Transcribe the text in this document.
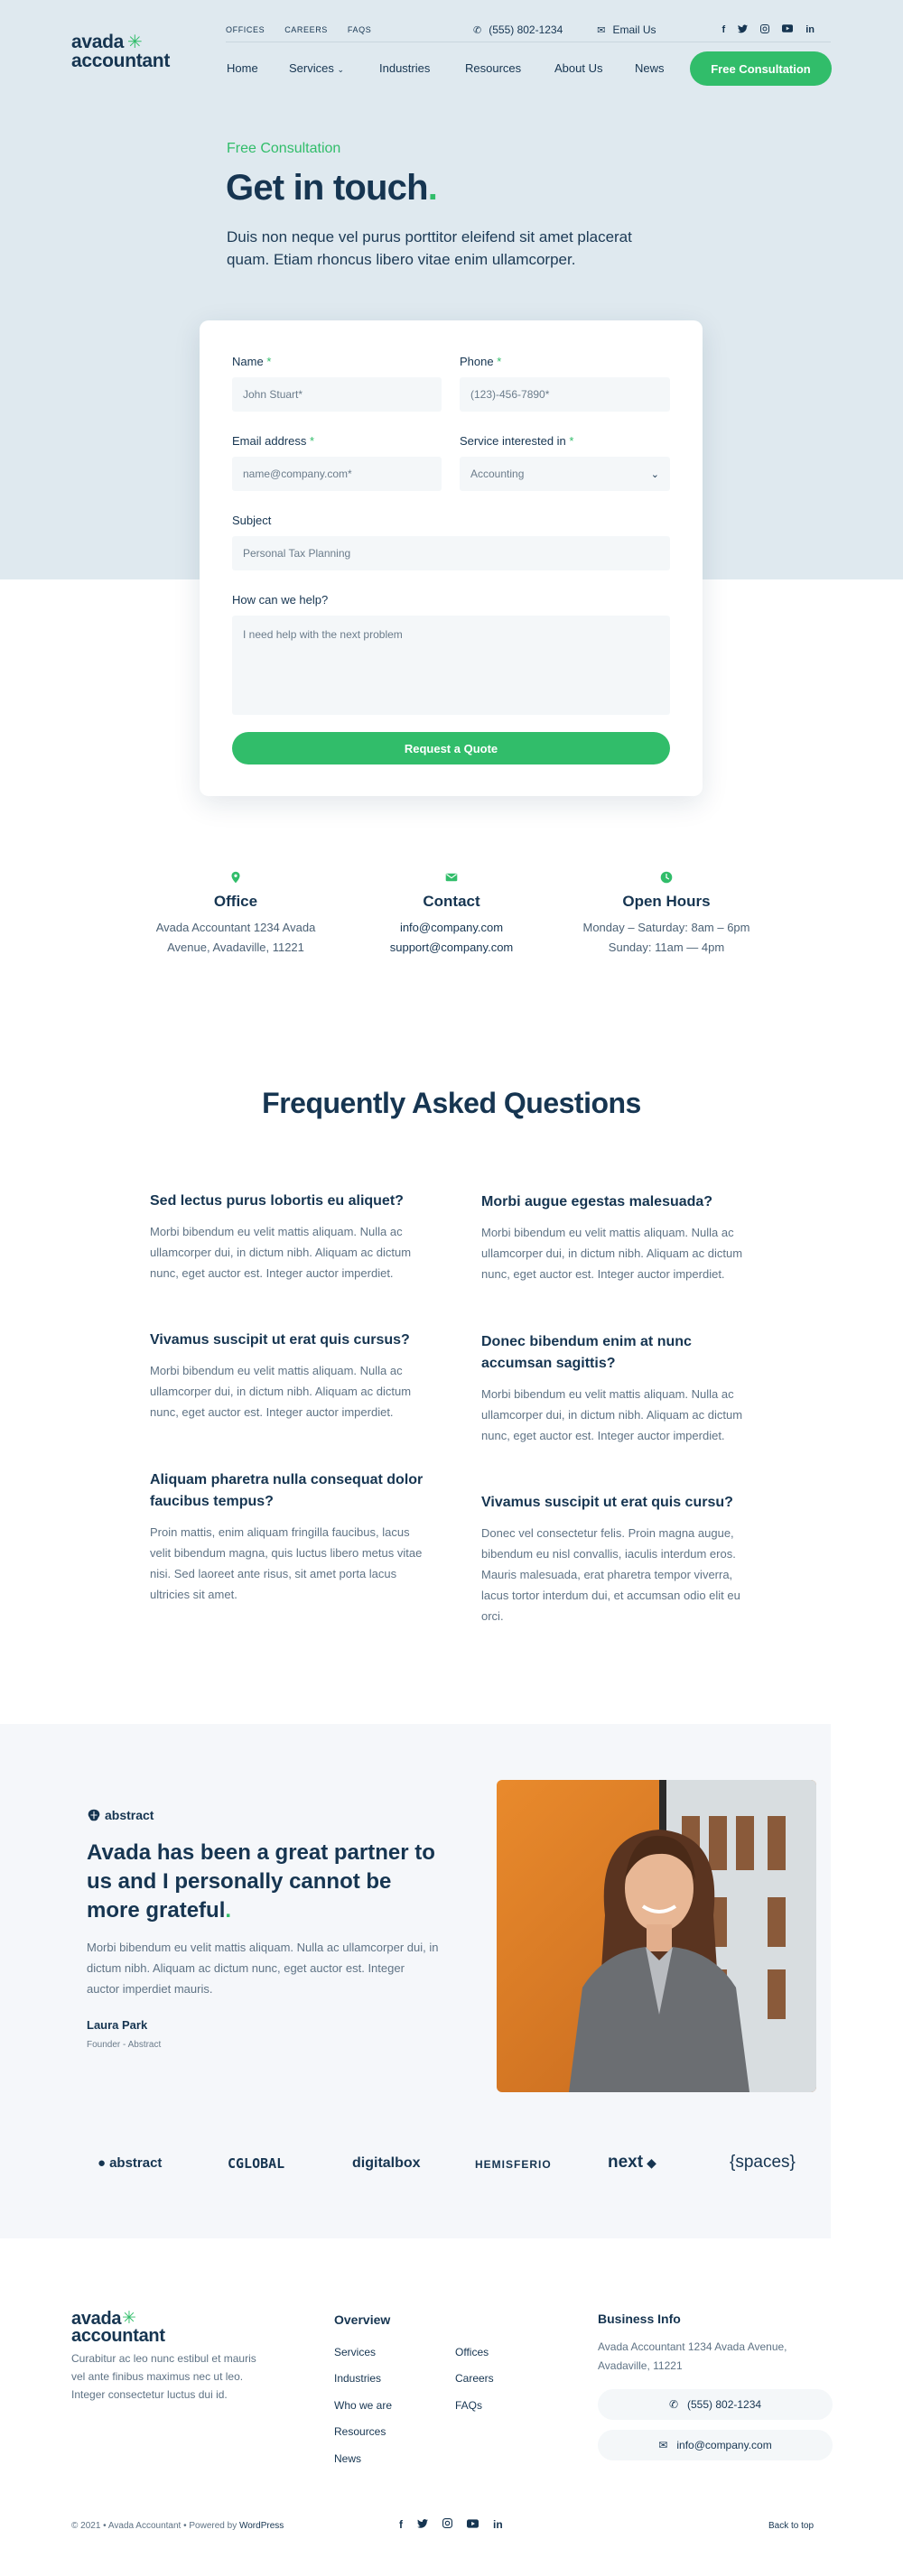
avada ✳
accountant
OFFICES CAREERS FAQS	✆ (555) 802-1234	✉ Email Us	f	in
Home	Services ⌄	Industries	Resources	About Us	News	Free Consultation
Free Consultation
Get in touch.

Duis non neque vel purus porttitor eleifend sit amet placerat quam. Etiam rhoncus libero vitae enim ullamcorper.

Name *
John Stuart*
Phone *
(123)-456-7890*
Email address *
name@company.com*
Service interested in *
Accounting	⌄
Subject
Personal Tax Planning
How can we help?
I need help with the next problem
Request a Quote
Office

Avada Accountant 1234 Avada
Avenue, Avadaville, 11221

Contact

info@company.com
support@company.com

Open Hours

Monday – Saturday: 8am – 6pm
Sunday: 11am — 4pm

Frequently Asked Questions
Sed lectus purus lobortis eu aliquet?

Morbi bibendum eu velit mattis aliquam. Nulla ac ullamcorper dui, in dictum nibh. Aliquam ac dictum nunc, eget auctor est. Integer auctor imperdiet.

Vivamus suscipit ut erat quis cursus?

Morbi bibendum eu velit mattis aliquam. Nulla ac ullamcorper dui, in dictum nibh. Aliquam ac dictum nunc, eget auctor est. Integer auctor imperdiet.

Aliquam pharetra nulla consequat dolor faucibus tempus?

Proin mattis, enim aliquam fringilla faucibus, lacus velit bibendum magna, quis luctus libero metus vitae nisi. Sed laoreet ante risus, sit amet porta lacus ultricies sit amet.

Morbi augue egestas malesuada?

Morbi bibendum eu velit mattis aliquam. Nulla ac ullamcorper dui, in dictum nibh. Aliquam ac dictum nunc, eget auctor est. Integer auctor imperdiet.

Donec bibendum enim at nunc accumsan sagittis?

Morbi bibendum eu velit mattis aliquam. Nulla ac ullamcorper dui, in dictum nibh. Aliquam ac dictum nunc, eget auctor est. Integer auctor imperdiet.

Vivamus suscipit ut erat quis cursu?

Donec vel consectetur felis. Proin magna augue, bibendum eu nisl convallis, iaculis interdum eros. Mauris malesuada, erat pharetra tempor viverra, lacus tortor interdum dui, et accumsan odio elit eu orci.

abstract

Avada has been a great partner to us and I personally cannot be more grateful.

Morbi bibendum eu velit mattis aliquam. Nulla ac ullamcorper dui, in dictum nibh. Aliquam ac dictum nunc, eget auctor est. Integer auctor imperdiet mauris.

Laura Park
Founder - Abstract
● abstract	CGLOBAL	digitalbox	HEMISFERIO	next ◆	{spaces}
avada ✳
accountant

Curabitur ac leo nunc estibul et mauris vel ante finibus maximus nec ut leo. Integer consectetur luctus dui id.

Overview
Services
Industries
Who we are
Resources
News
Offices
Careers
FAQs
Business Info

Avada Accountant 1234 Avada Avenue, Avadaville, 11221

✆ (555) 802-1234
✉ info@company.com
© 2021 • Avada Accountant • Powered by WordPress	f	in	Back to top
